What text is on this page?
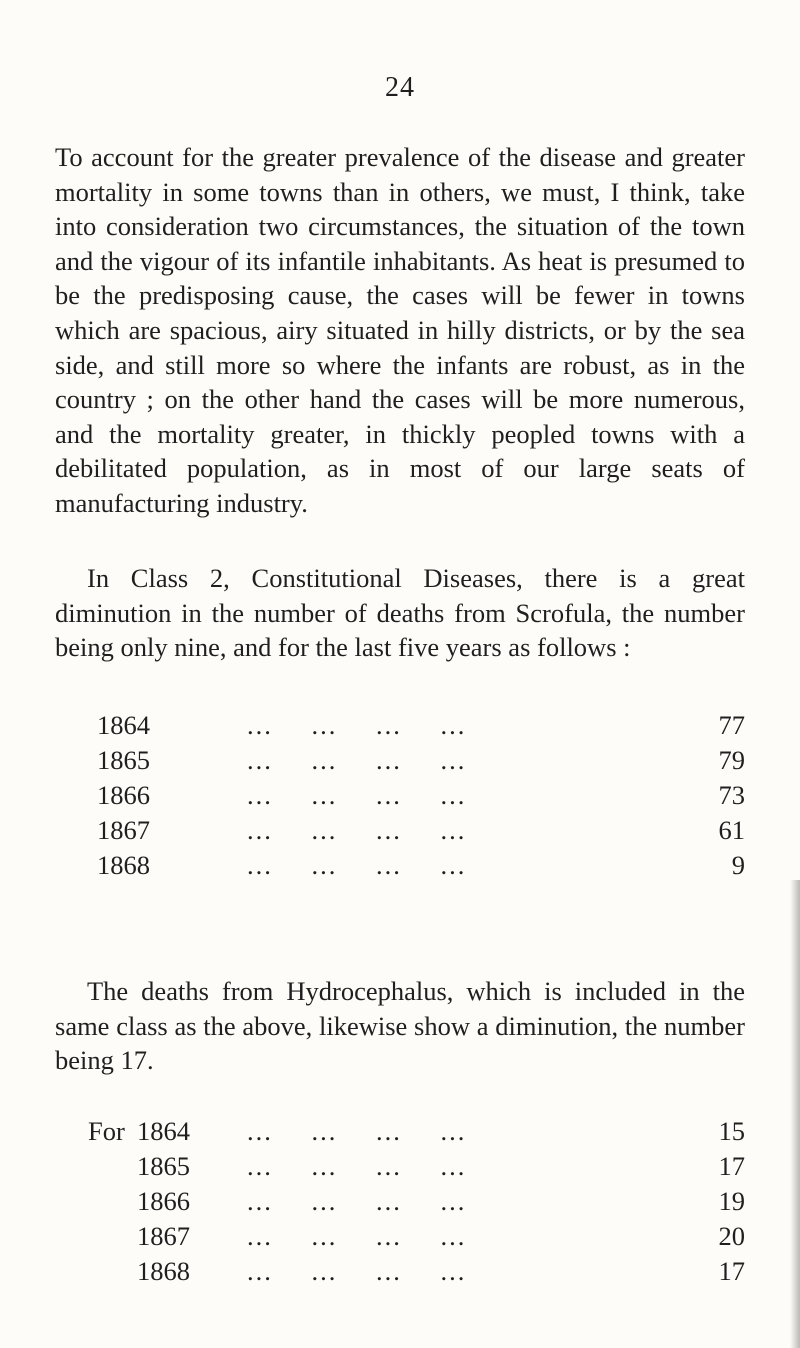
24

To account for the greater prevalence of the disease and greater mortality in some towns than in others, we must, I think, take into consideration two circumstances, the situation of the town and the vigour of its infantile inhabitants. As heat is presumed to be the predisposing cause, the cases will be fewer in towns which are spacious, airy situated in hilly districts, or by the sea side, and still more so where the infants are robust, as in the country ; on the other hand the cases will be more numerous, and the mortality greater, in thickly peopled towns with a debilitated population, as in most of our large seats of manufacturing industry.

In Class 2, Constitutional Diseases, there is a great diminution in the number of deaths from Scrofula, the number being only nine, and for the last five years as follows :

1864	... ... ... ...	77
1865	... ... ... ...	79
1866	... ... ... ...	73
1867	... ... ... ...	61
1868	... ... ... ...	9

The deaths from Hydrocephalus, which is included in the same class as the above, likewise show a diminution, the number being 17.

For 1864 ... ... ... ...	15
1865 ... ... ... ...	17
1866 ... ... ... ...	19
1867 ... ... ... ...	20
1868 ... ... ... ...	17
